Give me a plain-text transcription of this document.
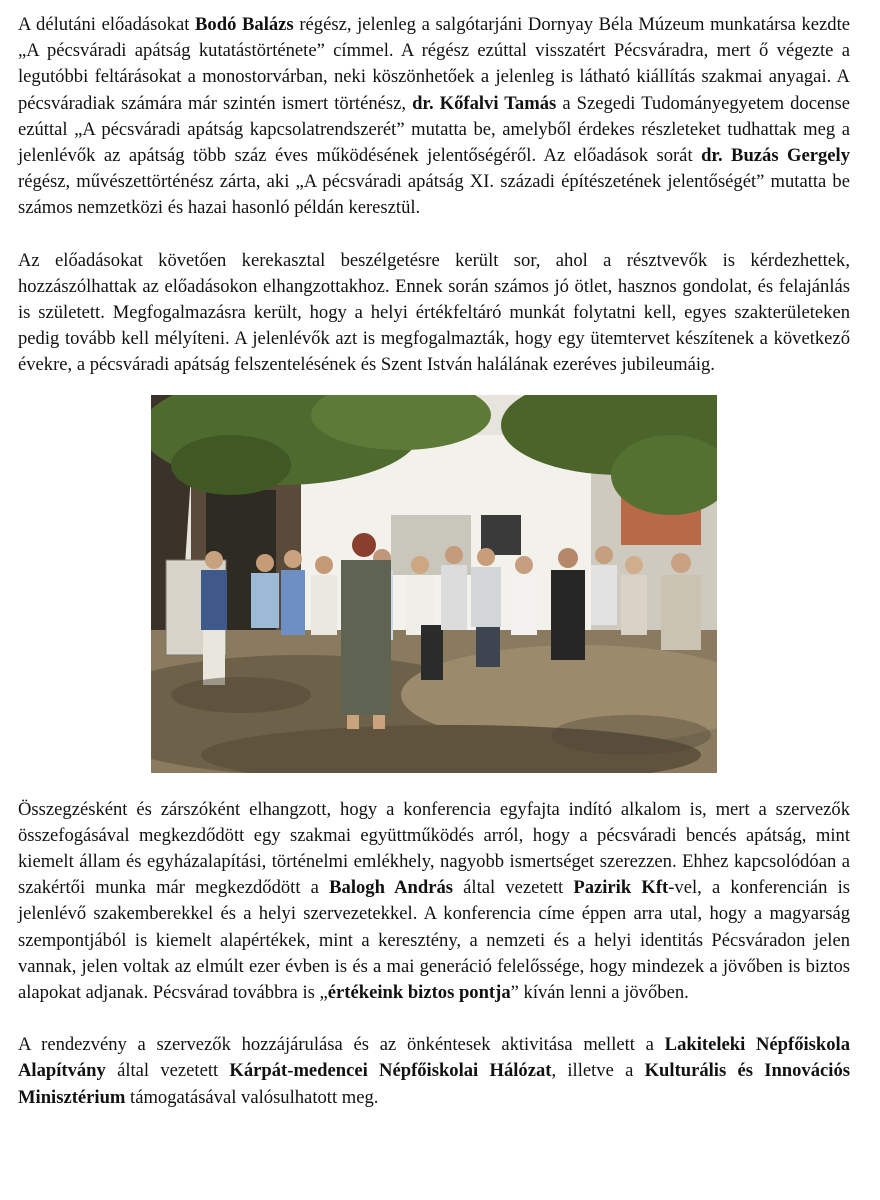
A délutáni előadásokat Bodó Balázs régész, jelenleg a salgótarjáni Dornyay Béla Múzeum munkatársa kezdte „A pécsváradi apátság kutatástörténete” címmel. A régész ezúttal visszatért Pécsváradra, mert ő végezte a legutóbbi feltárásokat a monostorvárban, neki köszönhetőek a jelenleg is látható kiállítás szakmai anyagai. A pécsváradiak számára már szintén ismert történész, dr. Kőfalvi Tamás a Szegedi Tudományegyetem docense ezúttal „A pécsváradi apátság kapcsolatrendszerét” mutatta be, amelyből érdekes részleteket tudhattak meg a jelenlévők az apátság több száz éves működésének jelentőségéről. Az előadások sorát dr. Buzás Gergely régész, művészettörténész zárta, aki „A pécsváradi apátság XI. századi építészetének jelentőségét” mutatta be számos nemzetközi és hazai hasonló példán keresztül.

Az előadásokat követően kerekasztal beszélgetésre került sor, ahol a résztvevők is kérdezhettek, hozzászólhattak az előadásokon elhangzottakhoz. Ennek során számos jó ötlet, hasznos gondolat, és felajánlás is született. Megfogalmazásra került, hogy a helyi értékfeltáró munkát folytatni kell, egyes szakterületeken pedig tovább kell mélyíteni. A jelenlévők azt is megfogalmazták, hogy egy ütemtervet készítenek a következő évekre, a pécsváradi apátság felszentelésének és Szent István halálának ezeréves jubileumáig.

Összegzésként és zárszóként elhangzott, hogy a konferencia egyfajta indító alkalom is, mert a szervezők összefogásával megkezdődött egy szakmai együttműködés arról, hogy a pécsváradi bencés apátság, mint kiemelt állam és egyházalapítási, történelmi emlékhely, nagyobb ismertséget szerezzen. Ehhez kapcsolódóan a szakértői munka már megkezdődött a Balogh András által vezetett Pazirik Kft-vel, a konferencián is jelenlévő szakemberekkel és a helyi szervezetekkel. A konferencia címe éppen arra utal, hogy a magyarság szempontjából is kiemelt alapértékek, mint a keresztény, a nemzeti és a helyi identitás Pécsváradon jelen vannak, jelen voltak az elmúlt ezer évben is és a mai generáció felelőssége, hogy mindezek a jövőben is biztos alapokat adjanak. Pécsvárad továbbra is „értékeink biztos pontja” kíván lenni a jövőben.

A rendezvény a szervezők hozzájárulása és az önkéntesek aktivitása mellett a Lakiteleki Népfőiskola Alapítvány által vezetett Kárpát-medencei Népfőiskolai Hálózat, illetve a Kulturális és Innovációs Minisztérium támogatásával valósulhatott meg.
